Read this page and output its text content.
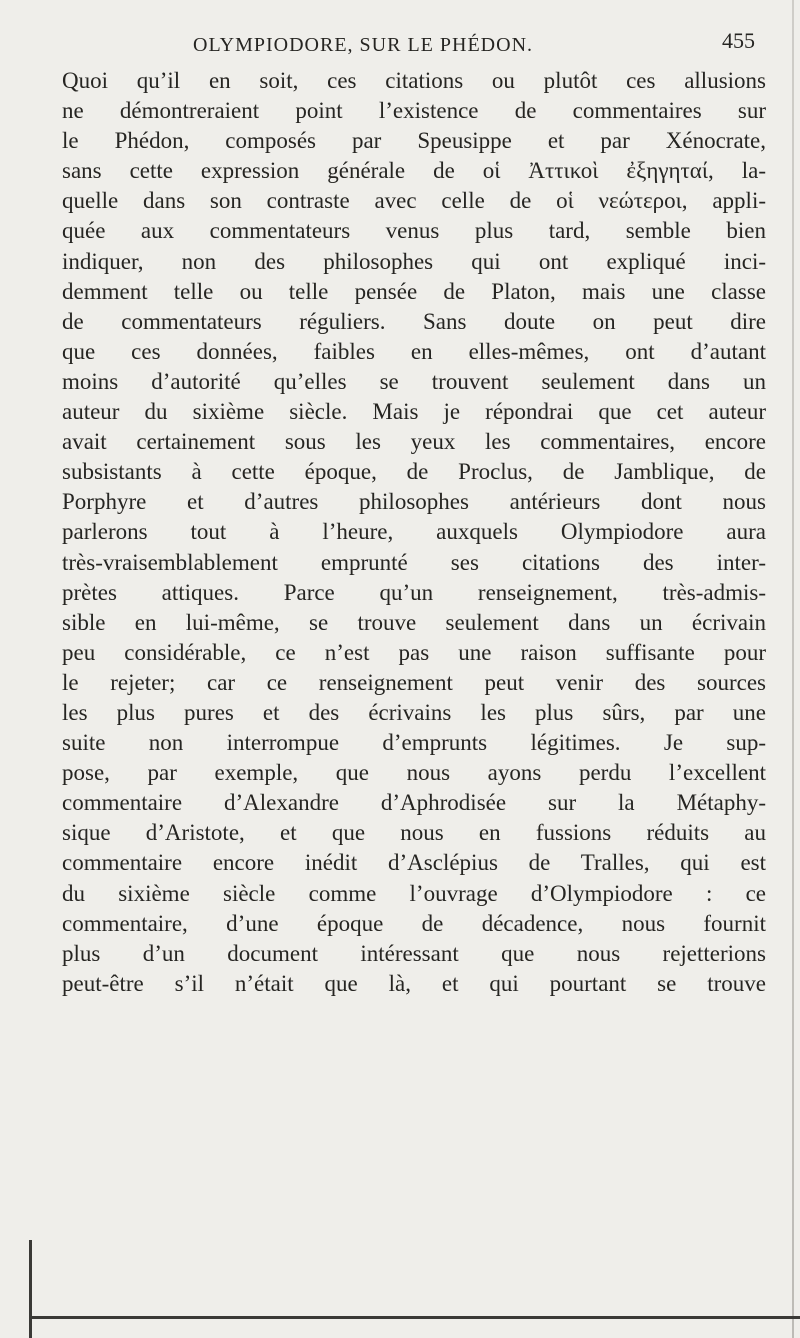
OLYMPIODORE, SUR LE PHÉDON.	455
Quoi qu’il en soit, ces citations ou plutôt ces allusions
ne démontreraient point l’existence de commentaires sur
le Phédon, composés par Speusippe et par Xénocrate,
sans cette expression générale de οἱ Ἀττικοὶ ἐξηγηταί, la-
quelle dans son contraste avec celle de οἱ νεώτεροι, appli-
quée aux commentateurs venus plus tard, semble bien
indiquer, non des philosophes qui ont expliqué inci-
demment telle ou telle pensée de Platon, mais une classe
de commentateurs réguliers. Sans doute on peut dire
que ces données, faibles en elles-mêmes, ont d’autant
moins d’autorité qu’elles se trouvent seulement dans un
auteur du sixième siècle. Mais je répondrai que cet auteur
avait certainement sous les yeux les commentaires, encore
subsistants à cette époque, de Proclus, de Jamblique, de
Porphyre et d’autres philosophes antérieurs dont nous
parlerons tout à l’heure, auxquels Olympiodore aura
très-vraisemblablement emprunté ses citations des inter-
prètes attiques. Parce qu’un renseignement, très-admis-
sible en lui-même, se trouve seulement dans un écrivain
peu considérable, ce n’est pas une raison suffisante pour
le rejeter; car ce renseignement peut venir des sources
les plus pures et des écrivains les plus sûrs, par une
suite non interrompue d’emprunts légitimes. Je sup-
pose, par exemple, que nous ayons perdu l’excellent
commentaire d’Alexandre d’Aphrodisée sur la Métaphy-
sique d’Aristote, et que nous en fussions réduits au
commentaire encore inédit d’Asclépius de Tralles, qui est
du sixième siècle comme l’ouvrage d’Olympiodore : ce
commentaire, d’une époque de décadence, nous fournit
plus d’un document intéressant que nous rejetterions
peut-être s’il n’était que là, et qui pourtant se trouve
